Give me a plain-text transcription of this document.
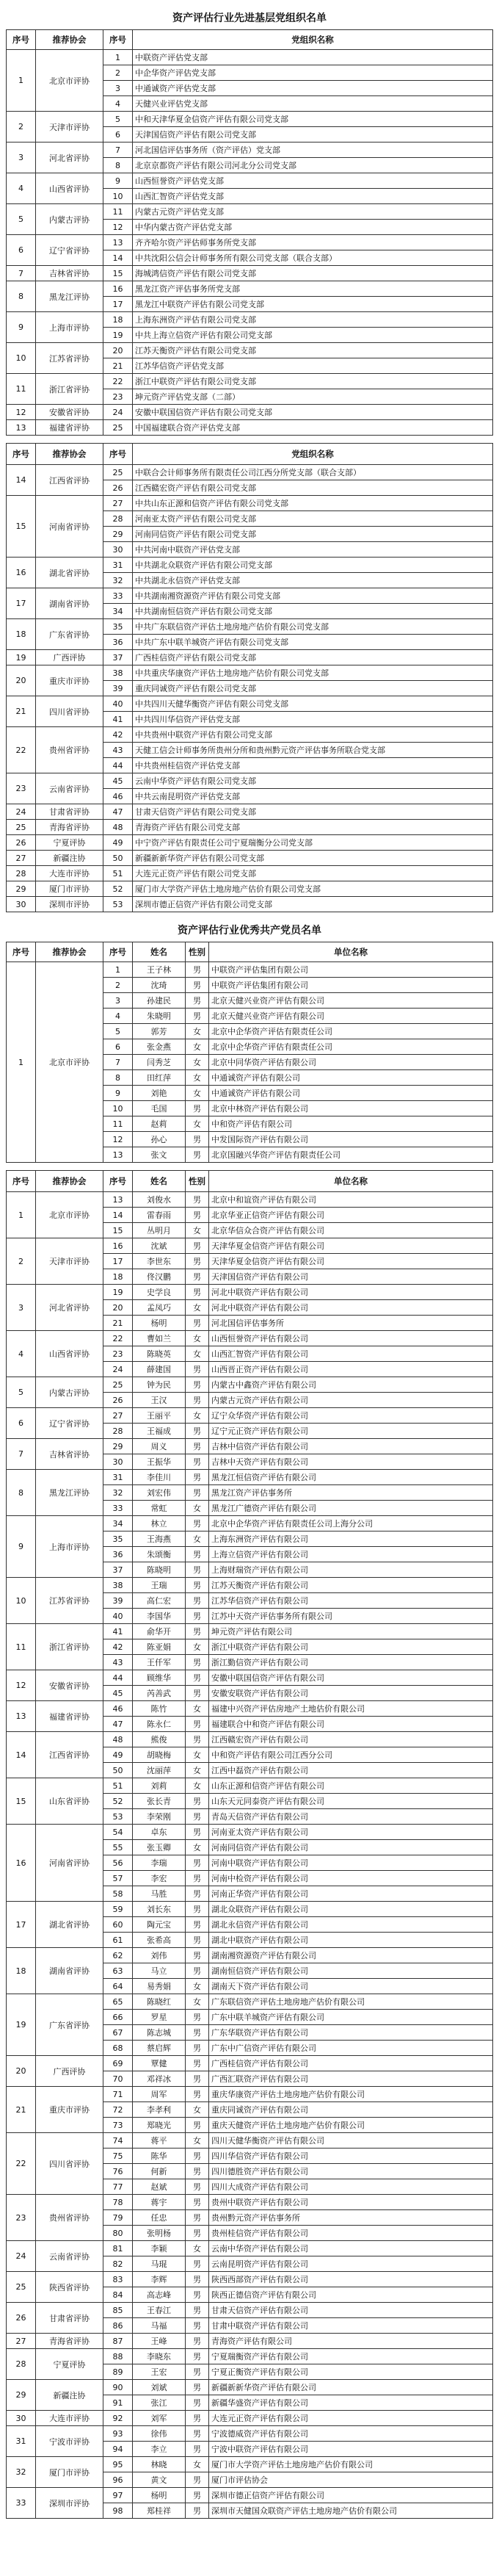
资产评估行业先进基层党组织名单
序号	推荐协会	序号	党组织名称
1	北京市评协	1	中联资产评估党支部
		2	中企华资产评估党支部
		3	中通诚资产评估党支部
		4	天健兴业评估党支部
2	天津市评协	5	中和天津华夏金信资产评估有限公司党支部
		6	天津国信资产评估有限公司党支部
3	河北省评协	7	河北国信评估事务所（资产评估）党支部
		8	北京京都资产评估有限公司河北分公司党支部
4	山西省评协	9	山西恒誉资产评估党支部
		10	山西汇智资产评估党支部
5	内蒙古评协	11	内蒙古元资产评估党支部
		12	中华内蒙古资产评估党支部
6	辽宁省评协	13	齐齐哈尔资产评估师事务所党支部
		14	中共沈阳公信会计师事务所有限公司党支部（联合支部）
7	吉林省评协	15	海城鸿信资产评估有限公司党支部
8	黑龙江评协	16	黑龙江资产评估事务所党支部
		17	黑龙江中联资产评估有限公司党支部
9	上海市评协	18	上海东洲资产评估有限公司党支部
		19	中共上海立信资产评估有限公司党支部
10	江苏省评协	20	江苏天衡资产评估有限公司党支部
		21	江苏华信资产评估党支部
11	浙江省评协	22	浙江中联资产评估有限公司党支部
		23	坤元资产评估党支部（二部）
12	安徽省评协	24	安徽中联国信资产评估有限公司党支部
13	福建省评协	25	中国福建联合资产评估党支部
序号	推荐协会	序号	党组织名称
14	江西省评协	25	中联合会计师事务所有限责任公司江西分所党支部（联合支部）
		26	江西赣宏资产评估有限公司党支部
15	河南省评协	27	中共山东正源和信资产评估有限公司党支部
		28	河南亚太资产评估有限公司党支部
		29	河南同信资产评估有限公司党支部
		30	中共河南中联资产评估党支部
16	湖北省评协	31	中共湖北众联资产评估有限公司党支部
		32	中共湖北永信资产评估党支部
17	湖南省评协	33	中共湖南湘资源资产评估有限公司党支部
		34	中共湖南恒信资产评估有限公司党支部
18	广东省评协	35	中共广东联信资产评估土地房地产估价有限公司党支部
		36	中共广东中联羊城资产评估有限公司党支部
19	广西评协	37	广西桂信资产评估有限公司党支部
20	重庆市评协	38	中共重庆华康资产评估土地房地产估价有限公司党支部
		39	重庆同诚资产评估有限公司党支部
21	四川省评协	40	中共四川天健华衡资产评估有限公司党支部
		41	中共四川华信资产评估党支部
22	贵州省评协	42	中共贵州中联资产评估有限公司党支部
		43	天健工信会计师事务所贵州分所和贵州黔元资产评估事务所联合党支部
		44	中共贵州桂信资产评估党支部
23	云南省评协	45	云南中华资产评估有限公司党支部
		46	中共云南昆明资产评估党支部
24	甘肃省评协	47	甘肃天信资产评估有限公司党支部
25	青海省评协	48	青海资产评估有限公司党支部
26	宁夏评协	49	中宁资产评估有限责任公司宁夏瑞衡分公司党支部
27	新疆注协	50	新疆新新华资产评估有限公司党支部
28	大连市评协	51	大连元正资产评估有限公司党支部
29	厦门市评协	52	厦门市大学资产评估土地房地产估价有限公司党支部
30	深圳市评协	53	深圳市德正信资产评估有限公司党支部
资产评估行业优秀共产党员名单
序号	推荐协会	序号	姓名	性别	单位名称
1	北京市评协	1	王子林	男	中联资产评估集团有限公司
		2	沈琦	男	中联资产评估集团有限公司
		3	孙建民	男	北京天健兴业资产评估有限公司
		4	朱晓明	男	北京天健兴业资产评估有限公司
		5	郭芳	女	北京中企华资产评估有限责任公司
		6	张金燕	女	北京中企华资产评估有限责任公司
		7	闫秀芝	女	北京中同华资产评估有限公司
		8	田红萍	女	中通诚资产评估有限公司
		9	刘艳	女	中通诚资产评估有限公司
		10	毛国	男	北京中林资产评估有限公司
		11	赵莉	女	中和资产评估有限公司
		12	孙心	男	中发国际资产评估有限公司
		13	张文	男	北京国融兴华资产评估有限责任公司
序号	推荐协会	序号	姓名	性别	单位名称
1	北京市评协	13	刘俊水	男	北京中和谊资产评估有限公司
		14	雷春雨	男	北京华亚正信资产评估有限公司
		15	丛明月	女	北京华信众合资产评估有限公司
2	天津市评协	16	沈斌	男	天津华夏金信资产评估有限公司
		17	李世东	男	天津华夏金信资产评估有限公司
		18	佟汉鹏	男	天津国信资产评估有限公司
3	河北省评协	19	史学良	男	河北中联资产评估有限公司
		20	孟凤巧	女	河北中联资产评估有限公司
		21	杨明	男	河北国信评估事务所
4	山西省评协	22	曹如兰	女	山西恒誉资产评估有限公司
		23	陈晓英	女	山西汇智资产评估有限公司
		24	薛建国	男	山西晋正资产评估有限公司
5	内蒙古评协	25	钟为民	男	内蒙古中鑫资产评估有限公司
		26	王汉	男	内蒙古元资产评估有限公司
6	辽宁省评协	27	王丽平	女	辽宁众华资产评估有限公司
		28	王福成	男	辽宁元正资产评估有限公司
7	吉林省评协	29	周义	男	吉林中信资产评估有限公司
		30	王振华	男	吉林中天资产评估有限公司
8	黑龙江评协	31	李佳川	男	黑龙江恒信资产评估有限公司
		32	刘宏伟	男	黑龙江资产评估事务所
		33	常虹	女	黑龙江广德资产评估有限公司
9	上海市评协	34	林立	男	北京中企华资产评估有限责任公司上海分公司
		35	王海燕	女	上海东洲资产评估有限公司
		36	朱颂衡	男	上海立信资产评估有限公司
		37	陈晓明	男	上海财瑞资产评估有限公司
10	江苏省评协	38	王瑞	男	江苏天衡资产评估有限公司
		39	高仁宏	男	江苏华信资产评估有限公司
		40	李国华	男	江苏中天资产评估事务所有限公司
11	浙江省评协	41	俞华开	男	坤元资产评估有限公司
		42	陈亚娟	女	浙江中联资产评估有限公司
		43	王仟军	男	浙江勤信资产评估有限公司
12	安徽省评协	44	顾维华	男	安徽中联国信资产评估有限公司
		45	芮善武	男	安徽安联资产评估有限公司
13	福建省评协	46	陈竹	女	福建中兴资产评估房地产土地估价有限公司
		47	陈永仁	男	福建联合中和资产评估有限公司
14	江西省评协	48	熊俊	男	江西赣宏资产评估有限公司
		49	胡晓梅	女	中和资产评估有限公司江西分公司
		50	沈丽萍	女	江西中磊资产评估有限公司
15	山东省评协	51	刘莉	女	山东正源和信资产评估有限公司
		52	张长青	男	山东天元同泰资产评估有限公司
		53	李荣刚	男	青岛天信资产评估有限公司
16	河南省评协	54	卓东	男	河南亚太资产评估有限公司
		55	张玉卿	女	河南同信资产评估有限公司
		56	李瑞	男	河南中联资产评估有限公司
		57	李宏	男	河南中检资产评估有限公司
		58	马胜	男	河南正华资产评估有限公司
17	湖北省评协	59	刘长东	男	湖北众联资产评估有限公司
		60	陶元宝	男	湖北永信资产评估有限公司
		61	张希高	男	湖北中联资产评估有限公司
18	湖南省评协	62	刘伟	男	湖南湘资源资产评估有限公司
		63	马立	男	湖南恒信资产评估有限公司
		64	易秀娟	女	湖南天下资产评估有限公司
19	广东省评协	65	陈晓红	女	广东联信资产评估土地房地产估价有限公司
		66	罗星	男	广东中联羊城资产评估有限公司
		67	陈志城	男	广东华联资产评估有限公司
		68	蔡启辉	男	广东中广信资产评估有限公司
20	广西评协	69	覃健	男	广西桂信资产评估有限公司
		70	邓祥冰	男	广西汇联资产评估有限公司
21	重庆市评协	71	周军	男	重庆华康资产评估土地房地产估价有限公司
		72	李孝利	女	重庆同诚资产评估有限公司
		73	郑晓光	男	重庆天健资产评估土地房地产估价有限公司
22	四川省评协	74	蒋平	女	四川天健华衡资产评估有限公司
		75	陈华	男	四川华信资产评估有限公司
		76	何新	男	四川德胜资产评估有限公司
		77	赵斌	男	四川大成资产评估有限公司
23	贵州省评协	78	蒋宇	男	贵州中联资产评估有限公司
		79	任忠	男	贵州黔元资产评估事务所
		80	张明杨	男	贵州桂信资产评估有限公司
24	云南省评协	81	李颖	女	云南中华资产评估有限公司
		82	马琨	男	云南昆明资产评估有限公司
25	陕西省评协	83	李辉	男	陕西西部资产评估有限公司
		84	高志峰	男	陕西正德信资产评估有限公司
26	甘肃省评协	85	王春江	男	甘肃天信资产评估有限公司
		86	马福	男	甘肃中联资产评估有限公司
27	青海省评协	87	王峰	男	青海资产评估有限公司
28	宁夏评协	88	李晓东	男	宁夏瑞衡资产评估有限公司
		89	王宏	男	宁夏正衡资产评估有限公司
29	新疆注协	90	刘斌	男	新疆新新华资产评估有限公司
		91	张江	男	新疆华盛资产评估有限公司
30	大连市评协	92	刘军	男	大连元正资产评估有限公司
31	宁波市评协	93	徐伟	男	宁波德威资产评估有限公司
		94	李立	男	宁波中联资产评估有限公司
32	厦门市评协	95	林晓	女	厦门市大学资产评估土地房地产估价有限公司
		96	黄文	男	厦门市评估协会
33	深圳市评协	97	杨明	男	深圳市德正信资产评估有限公司
		98	郑桂祥	男	深圳市天健国众联资产评估土地房地产估价有限公司
